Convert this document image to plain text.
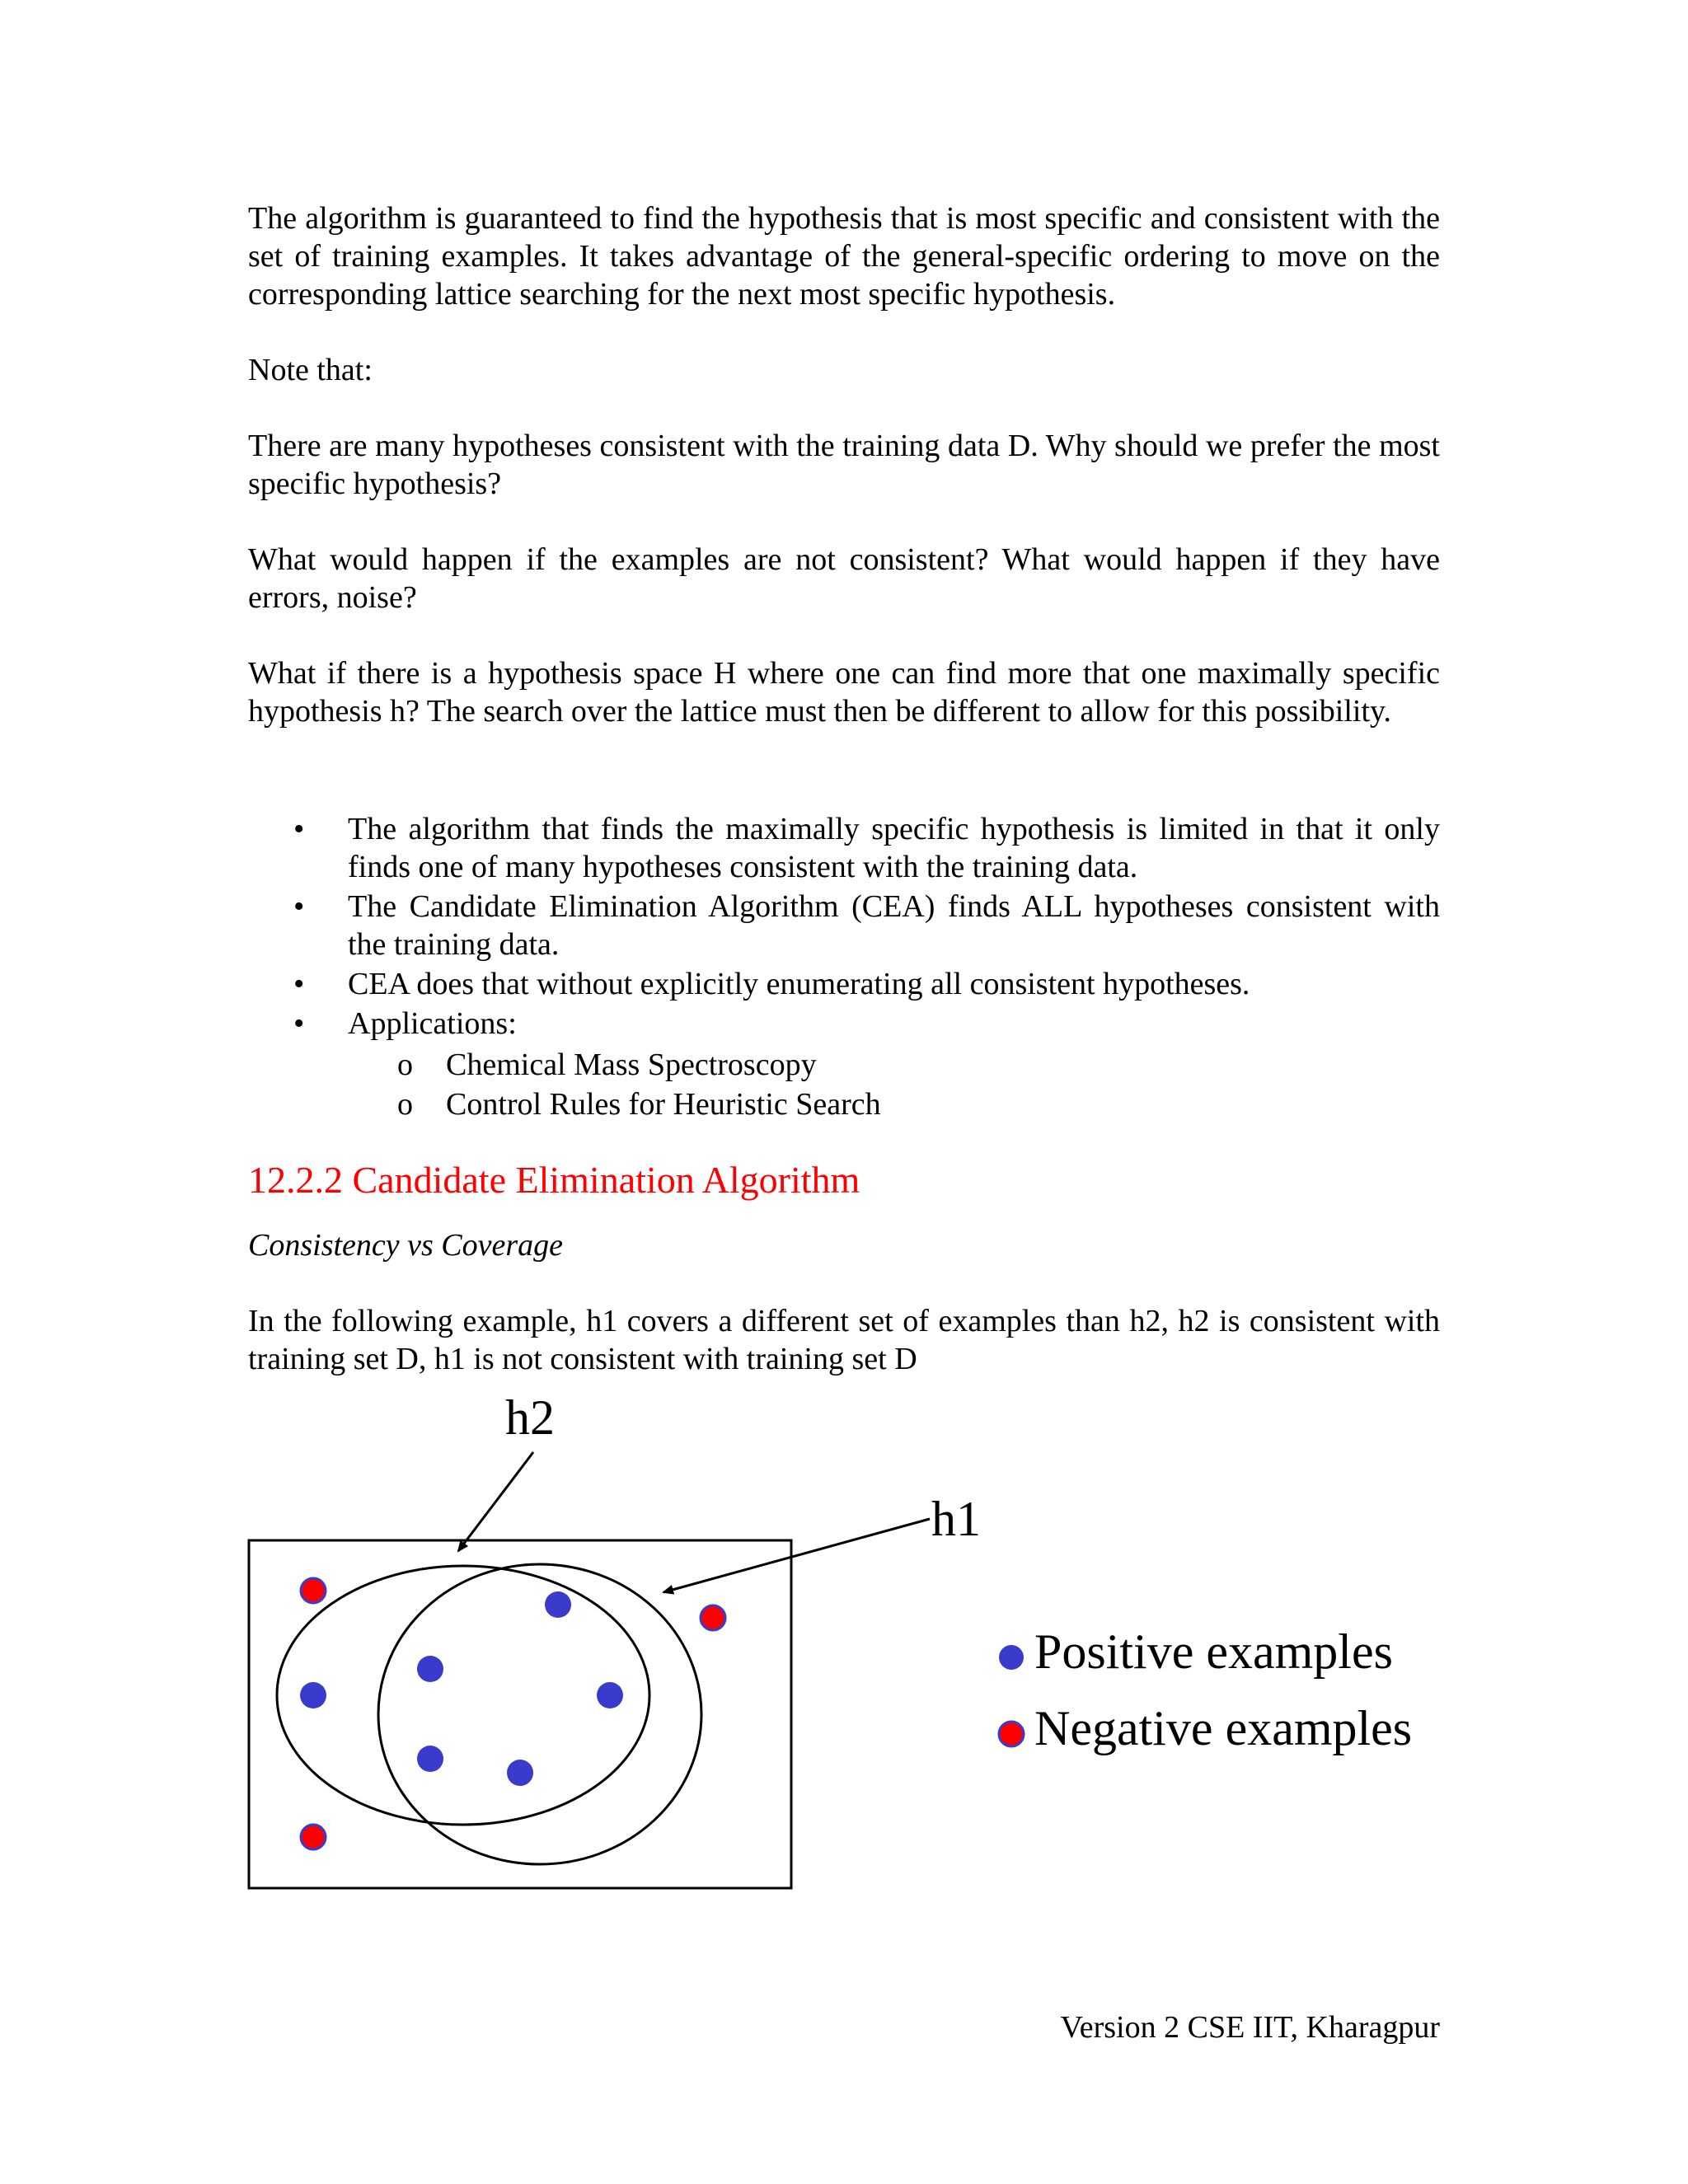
The algorithm is guaranteed to find the hypothesis that is most specific and consistent with the set of training examples. It takes advantage of the general-specific ordering to move on the corresponding lattice searching for the next most specific hypothesis.

Note that:

There are many hypotheses consistent with the training data D. Why should we prefer the most specific hypothesis?

What would happen if the examples are not consistent? What would happen if they have errors, noise?

What if there is a hypothesis space H where one can find more that one maximally specific hypothesis h? The search over the lattice must then be different to allow for this possibility.

• The algorithm that finds the maximally specific hypothesis is limited in that it only finds one of many hypotheses consistent with the training data.
• The Candidate Elimination Algorithm (CEA) finds ALL hypotheses consistent with the training data.
• CEA does that without explicitly enumerating all consistent hypotheses.
• Applications:
o Chemical Mass Spectroscopy
o Control Rules for Heuristic Search
12.2.2 Candidate Elimination Algorithm

Consistency vs Coverage

In the following example, h1 covers a different set of examples than h2, h2 is consistent with training set D, h1 is not consistent with training set D

h2
h1
Positive examples
Negative examples
Version 2 CSE IIT, Kharagpur
